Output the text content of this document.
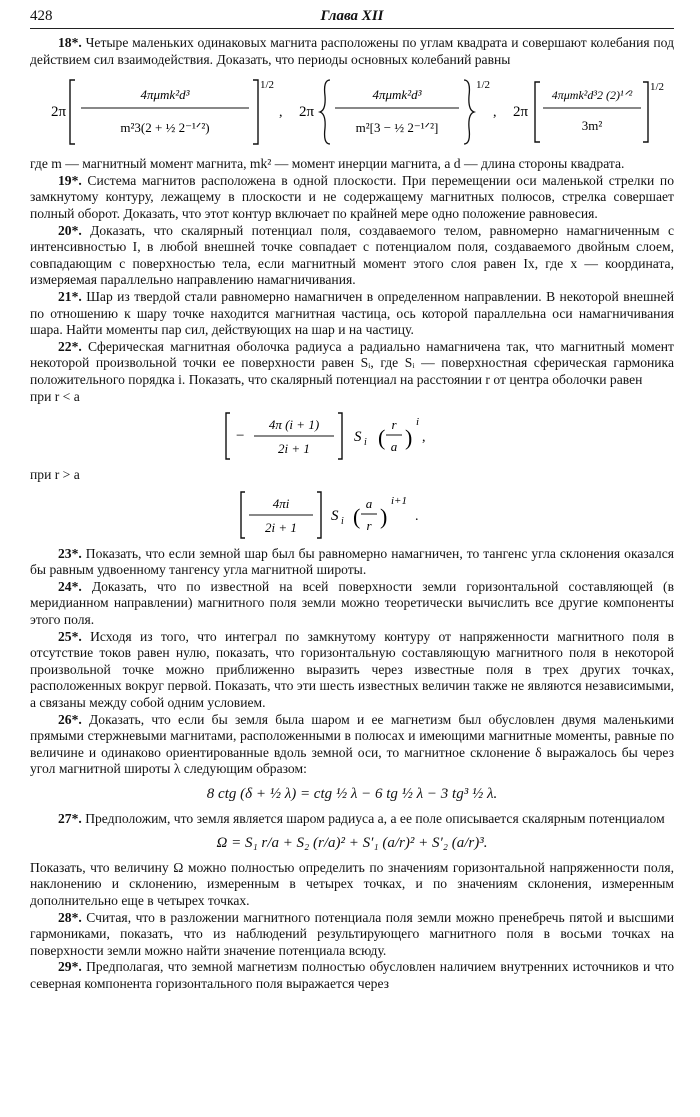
428	Глава XII

18*. Четыре маленьких одинаковых магнита расположены по углам квадрата и совершают колебания под действием сил взаимодействия. Доказать, что периоды основных колебаний равны

2π
4πμmk²d³
m²3(2 + ½ 2⁻¹ᐟ²)
1/2
, 2π
4πμmk²d³
m²[3 − ½ 2⁻¹ᐟ²]
1/2
, 2π
4πμmk²d³2 (2)¹ᐟ²
3m²
1/2

где m — магнитный момент магнита, mk² — момент инерции магнита, а d — длина стороны квадрата.

19*. Система магнитов расположена в одной плоскости. При перемещении оси маленькой стрелки по замкнутому контуру, лежащему в плоскости и не содержащему магнитных полюсов, стрелка совершает полный оборот. Доказать, что этот контур включает по крайней мере одно положение равновесия.

20*. Доказать, что скалярный потенциал поля, создаваемого телом, равномерно намагниченным с интенсивностью I, в любой внешней точке совпадает с потенциалом поля, создаваемого двойным слоем, совпадающим с поверхностью тела, если магнитный момент этого слоя равен Ix, где x — координата, измеряемая параллельно направлению намагничивания.

21*. Шар из твердой стали равномерно намагничен в определенном направлении. В некоторой внешней по отношению к шару точке находится магнитная частица, ось которой параллельна оси намагничивания шара. Найти моменты пар сил, действующих на шар и на частицу.

22*. Сферическая магнитная оболочка радиуса a радиально намагничена так, что магнитный момент некоторой произвольной точки ее поверхности равен Sᵢ, где Sᵢ — поверхностная сферическая гармоника положительного порядка i. Показать, что скалярный потенциал на расстоянии r от центра оболочки равен

при r < a

−
4π (i + 1)
2i + 1
S i (
r
a )
i
,

при r > a

4πi
2i + 1
S i (
a
r )
i+1
.

23*. Показать, что если земной шар был бы равномерно намагничен, то тангенс угла склонения оказался бы равным удвоенному тангенсу угла магнитной широты.

24*. Доказать, что по известной на всей поверхности земли горизонтальной составляющей (в меридианном направлении) магнитного поля земли можно теоретически вычислить все другие компоненты этого поля.

25*. Исходя из того, что интеграл по замкнутому контуру от напряженности магнитного поля в отсутствие токов равен нулю, показать, что горизонтальную составляющую магнитного поля в некоторой произвольной точке можно приближенно выразить через известные поля в трех других точках, расположенных вокруг первой. Показать, что эти шесть известных величин также не являются независимыми, а связаны между собой одним условием.

26*. Доказать, что если бы земля была шаром и ее магнетизм был обусловлен двумя маленькими прямыми стержневыми магнитами, расположенными в полюсах и имеющими магнитные моменты, равные по величине и одинаково ориентированные вдоль земной оси, то магнитное склонение δ выражалось бы через угол магнитной широты λ следующим образом:

8 ctg (δ + ½ λ) = ctg ½ λ − 6 tg ½ λ − 3 tg³ ½ λ.

27*. Предположим, что земля является шаром радиуса a, а ее поле описывается скалярным потенциалом

Ω = S₁ r/a + S₂ (r/a)² + S′₁ (a/r)² + S′₂ (a/r)³.

Показать, что величину Ω можно полностью определить по значениям горизонтальной напряженности поля, наклонению и склонению, измеренным в четырех точках, и по значениям склонения, измеренным дополнительно еще в четырех точках.

28*. Считая, что в разложении магнитного потенциала поля земли можно пренебречь пятой и высшими гармониками, показать, что из наблюдений результирующего магнитного поля в восьми точках на поверхности земли можно найти значение потенциала всюду.

29*. Предполагая, что земной магнетизм полностью обусловлен наличием внутренних источников и что северная компонента горизонтального поля выражается через
